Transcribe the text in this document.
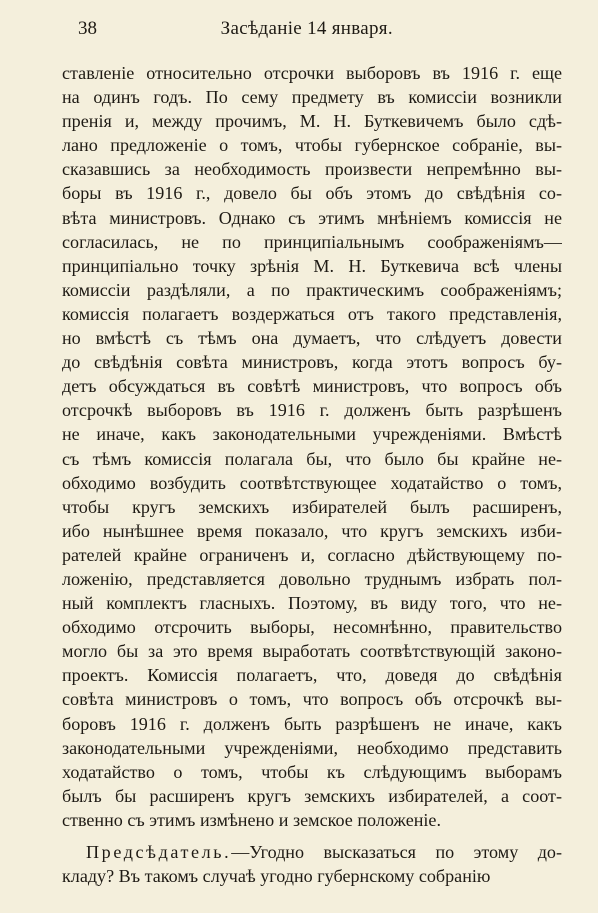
38	Засѣданіе 14 января.
ставленіе относительно отсрочки выборовъ въ 1916 г. еще
на одинъ годъ. По сему предмету въ комиссіи возникли
пренія и, между прочимъ, М. Н. Буткевичемъ было сдѣ-
лано предложеніе о томъ, чтобы губернское собраніе, вы-
сказавшись за необходимость произвести непремѣнно вы-
боры въ 1916 г., довело бы объ этомъ до свѣдѣнія со-
вѣта министровъ. Однако съ этимъ мнѣніемъ комиссія не
согласилась, не по принципіальнымъ соображеніямъ—
принципіально точку зрѣнія М. Н. Буткевича всѣ члены
комиссіи раздѣляли, а по практическимъ соображеніямъ;
комиссія полагаетъ воздержаться отъ такого представленія,
но вмѣстѣ съ тѣмъ она думаетъ, что слѣдуетъ довести
до свѣдѣнія совѣта министровъ, когда этотъ вопросъ бу-
детъ обсуждаться въ совѣтѣ министровъ, что вопросъ объ
отсрочкѣ выборовъ въ 1916 г. долженъ быть разрѣшенъ
не иначе, какъ законодательными учрежденіями. Вмѣстѣ
съ тѣмъ комиссія полагала бы, что было бы крайне не-
обходимо возбудить соотвѣтствующее ходатайство о томъ,
чтобы кругъ земскихъ избирателей былъ расширенъ,
ибо нынѣшнее время показало, что кругъ земскихъ изби-
рателей крайне ограниченъ и, согласно дѣйствующему по-
ложенію, представляется довольно труднымъ избрать пол-
ный комплектъ гласныхъ. Поэтому, въ виду того, что не-
обходимо отсрочить выборы, несомнѣнно, правительство
могло бы за это время выработать соотвѣтствующій законо-
проектъ. Комиссія полагаетъ, что, доведя до свѣдѣнія
совѣта министровъ о томъ, что вопросъ объ отсрочкѣ вы-
боровъ 1916 г. долженъ быть разрѣшенъ не иначе, какъ
законодательными учрежденіями, необходимо представить
ходатайство о томъ, чтобы къ слѣдующимъ выборамъ
былъ бы расширенъ кругъ земскихъ избирателей, а соот-
ственно съ этимъ измѣнено и земское положеніе.
Предсѣдатель.—Угодно высказаться по этому до-
кладу? Въ такомъ случаѣ угодно губернскому собранію
